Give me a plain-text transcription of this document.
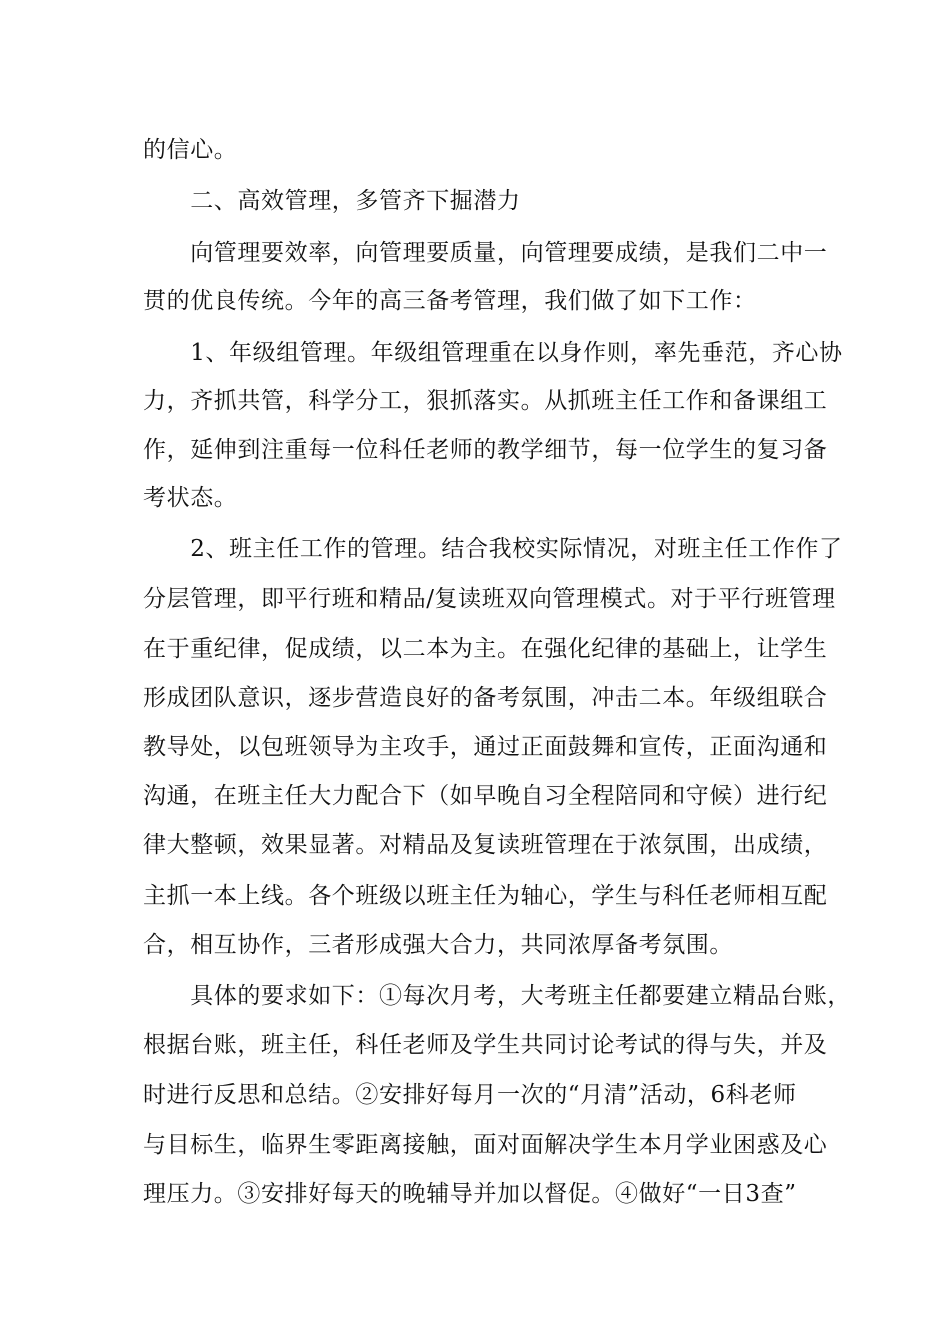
的信心。
　　二、高效管理，多管齐下掘潜力
　　向管理要效率，向管理要质量，向管理要成绩，是我们二中一
贯的优良传统。今年的高三备考管理，我们做了如下工作：
　　1、年级组管理。年级组管理重在以身作则，率先垂范，齐心协
力，齐抓共管，科学分工，狠抓落实。从抓班主任工作和备课组工
作，延伸到注重每一位科任老师的教学细节，每一位学生的复习备
考状态。
　　2、班主任工作的管理。结合我校实际情况，对班主任工作作了
分层管理，即平行班和精品/复读班双向管理模式。对于平行班管理
在于重纪律，促成绩，以二本为主。在强化纪律的基础上，让学生
形成团队意识，逐步营造良好的备考氛围，冲击二本。年级组联合
教导处，以包班领导为主攻手，通过正面鼓舞和宣传，正面沟通和
沟通，在班主任大力配合下（如早晚自习全程陪同和守候）进行纪
律大整顿，效果显著。对精品及复读班管理在于浓氛围，出成绩，
主抓一本上线。各个班级以班主任为轴心，学生与科任老师相互配
合，相互协作，三者形成强大合力，共同浓厚备考氛围。
　　具体的要求如下：①每次月考，大考班主任都要建立精品台账，
根据台账，班主任，科任老师及学生共同讨论考试的得与失，并及
时进行反思和总结。②安排好每月一次的“月清”活动，6科老师
与目标生，临界生零距离接触，面对面解决学生本月学业困惑及心
理压力。③安排好每天的晚辅导并加以督促。④做好“一日3查”
